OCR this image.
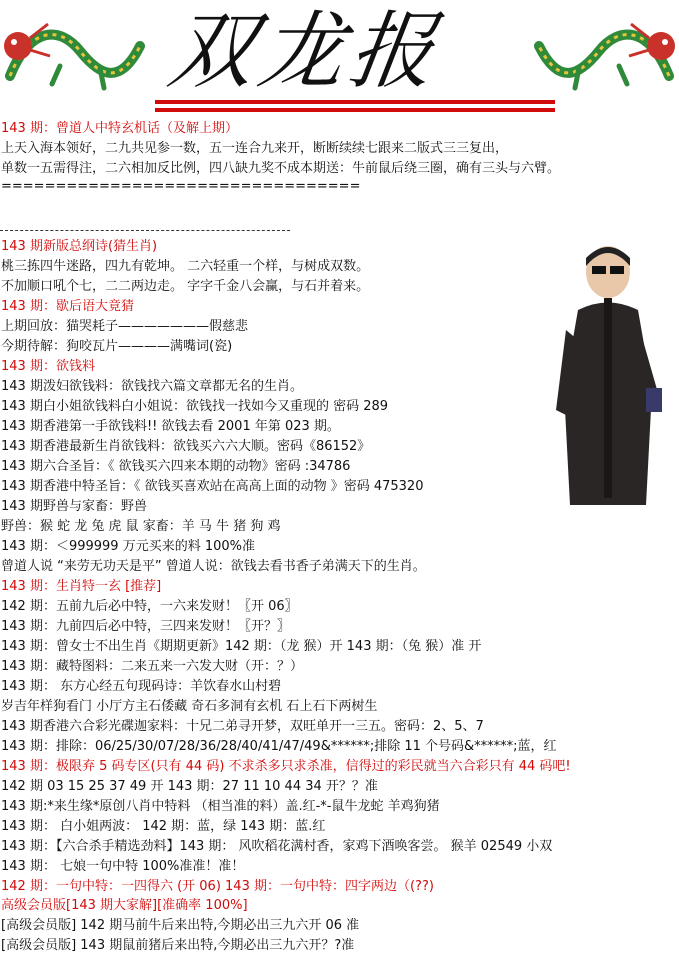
双龙报
143 期：曾道人中特玄机话（及解上期）
上天入海本领好，二九共见参一数，五一连合九来开，断断续续七跟来二版式三三复出，
单数一五需得注，二六相加反比例，四八缺九奖不成本期送：牛前鼠后绕三圈，确有三头与六臂。
=================================
143 期新版总纲诗(猜生肖)
桃三拣四牛迷路，四九有乾坤。 二六轻重一个样，与树成双数。
不加顺口吼个七，二二两边走。 字字千金八会赢，与石并着来。
143 期：歇后语大竟猜
上期回放：猫哭耗子———————假慈悲
今期待解：狗咬瓦片————满嘴词(瓷)
143 期：欲钱料
143 期泼妇欲钱料：欲钱找六篇文章都无名的生肖。
143 期白小姐欲钱料白小姐说：欲钱找一找如今又重现的 密码 289
143 期香港第一手欲钱料!! 欲钱去看 2001 年第 023 期。
143 期香港最新生肖欲钱料：欲钱买六六大顺。密码《86152》
143 期六合圣旨：《 欲钱买六四来本期的动物》密码 :34786
143 期香港中特圣旨：《 欲钱买喜欢站在高高上面的动物 》密码 475320
143 期野兽与家畜：野兽
野兽：猴 蛇 龙 兔 虎 鼠 家畜：羊 马 牛 猪 狗 鸡
143 期：＜999999 万元买来的料 100%准
曾道人说 “来劳无功天是平” 曾道人说：欲钱去看书香子弟满天下的生肖。
143 期：生肖特一玄 [推荐]
142 期：五前九后必中特，一六来发财！〖开 06〗
143 期：九前四后必中特，三四来发财！〖开？〗
143 期：曾女士不出生肖《期期更新》142 期：（龙 猴）开 143 期：（兔 猴）准 开
143 期：藏特图料：二来五来一六发大财（开：？）
143 期： 东方心经五句现码诗：羊饮春水山村碧
岁吉年样狗看门 小厅方主石倭藏 奇石多洞有玄机 石上石下两树生
143 期香港六合彩光碟迦家料：十兄二弟寻开梦，双旺单开一三五。密码：2、5、7
143 期：排除：06/25/30/07/28/36/28/40/41/47/49&******;排除 11 个号码&******;蓝，红
143 期：极限弃 5 码专区(只有 44 码) 不求杀多只求杀准，信得过的彩民就当六合彩只有 44 码吧!
142 期 03 15 25 37 49 开 143 期：27 11 10 44 34 开？？准
143 期:*来生缘*原创八肖中特料 （相当准的料）盖.红-*-鼠牛龙蛇 羊鸡狗猪
143 期： 白小姐两波： 142 期：蓝，绿 143 期：蓝.红
143 期：【六合杀手精选劲料】143 期： 风吹稻花满村香，家鸡下酒唤客尝。 猴羊 02549 小双
143 期： 七娘一句中特 100%准准！准！
142 期：一句中特：一四得六 (开 06) 143 期：一句中特：四字两边（(??)
高级会员版[143 期大家解][准确率 100%]
[高级会员版] 142 期马前牛后来出特,今期必出三九六开 06 准
[高级会员版] 143 期鼠前猪后来出特,今期必出三九六开？?准
